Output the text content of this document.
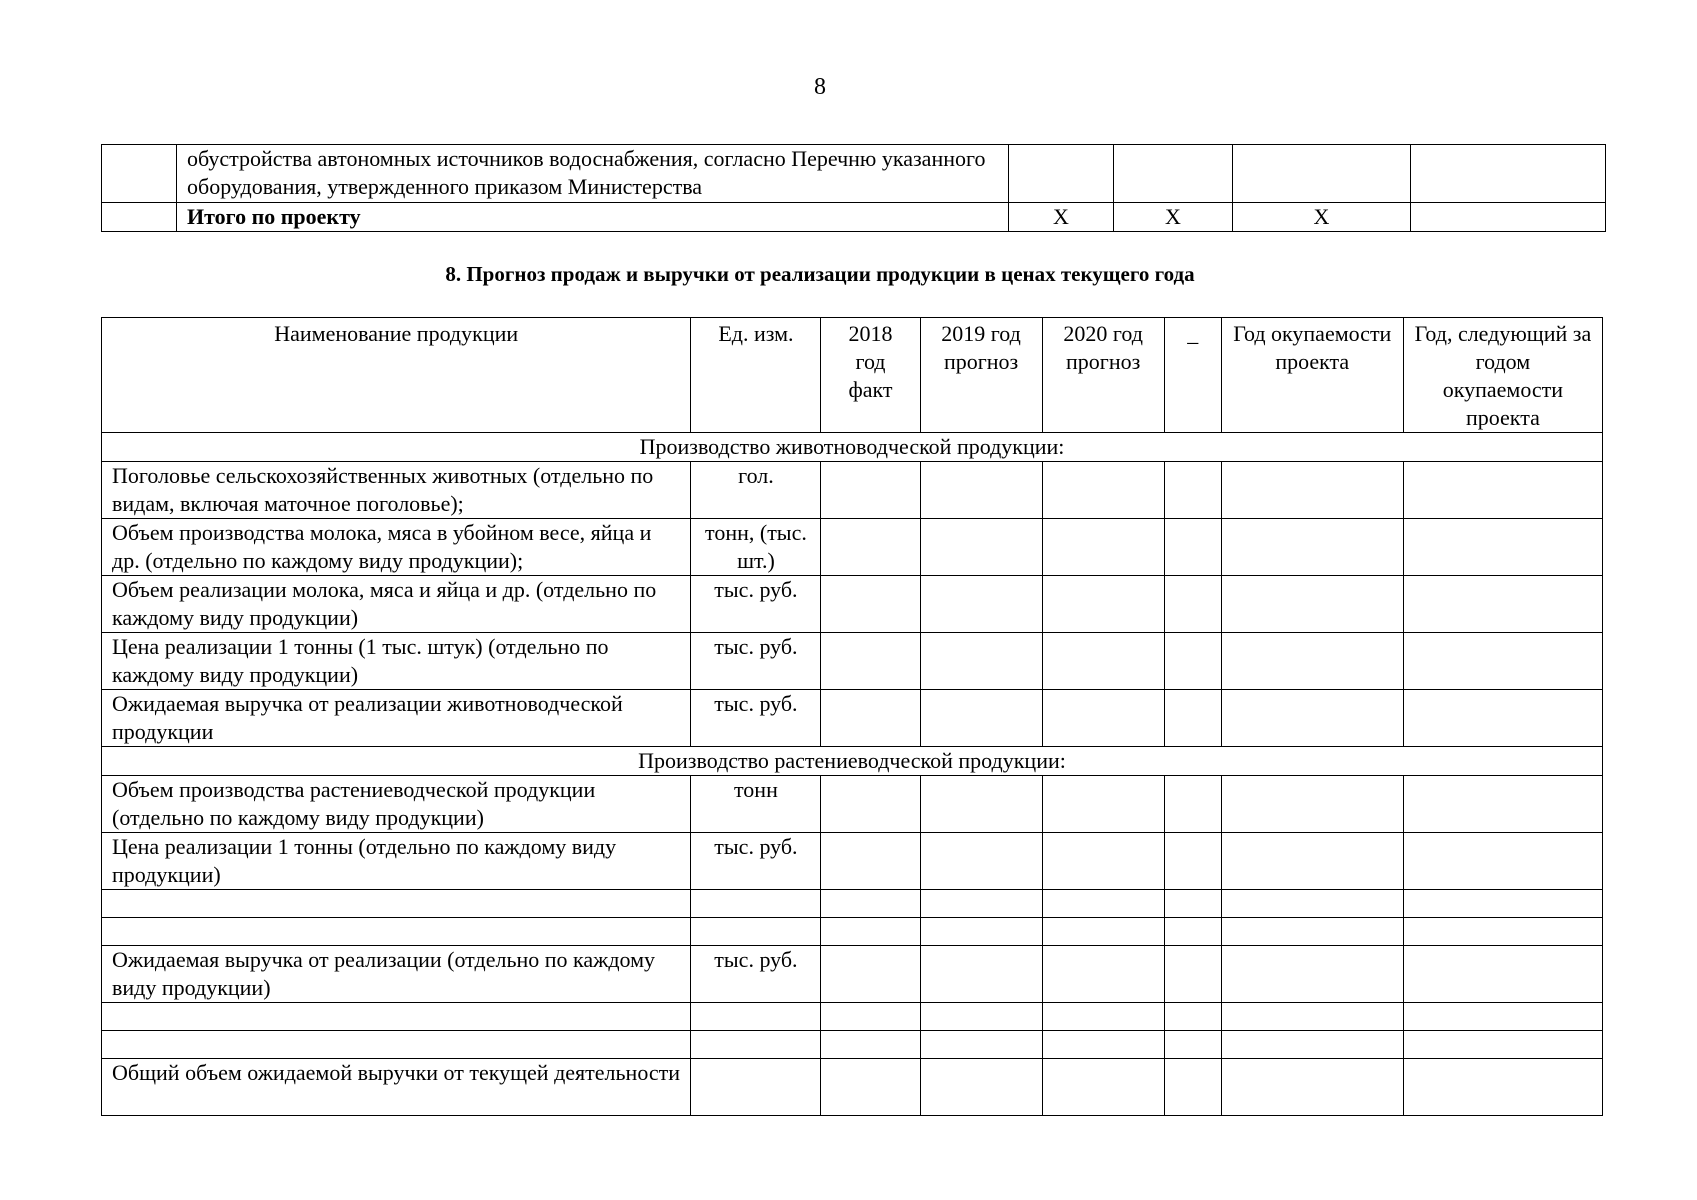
8
	обустройства автономных источников водоснабжения, согласно Перечню указанного оборудования, утвержденного приказом Министерства				
	Итого по проекту	Х	Х	Х	
8. Прогноз продаж и выручки от реализации продукции в ценах текущего года
Наименование продукции	Ед. изм.	2018 год факт	2019 год прогноз	2020 год прогноз	_	Год окупаемости проекта	Год, следующий за годом окупаемости проекта
Производство животноводческой продукции:							
Поголовье сельскохозяйственных животных (отдельно по видам, включая маточное поголовье);	гол.						
Объем производства молока, мяса в убойном весе, яйца и др. (отдельно по каждому виду продукции);	тонн, (тыс. шт.)						
Объем реализации молока, мяса и яйца и др. (отдельно по каждому виду продукции)	тыс. руб.						
Цена реализации 1 тонны (1 тыс. штук) (отдельно по каждому виду продукции)	тыс. руб.						
Ожидаемая выручка от реализации животноводческой продукции	тыс. руб.						
Производство растениеводческой продукции:							
Объем производства растениеводческой продукции (отдельно по каждому виду продукции)	тонн						
Цена реализации 1 тонны (отдельно по каждому виду продукции)	тыс. руб.						

Ожидаемая выручка от реализации (отдельно по каждому виду продукции)	тыс. руб.						

Общий объем ожидаемой выручки от текущей деятельности							
